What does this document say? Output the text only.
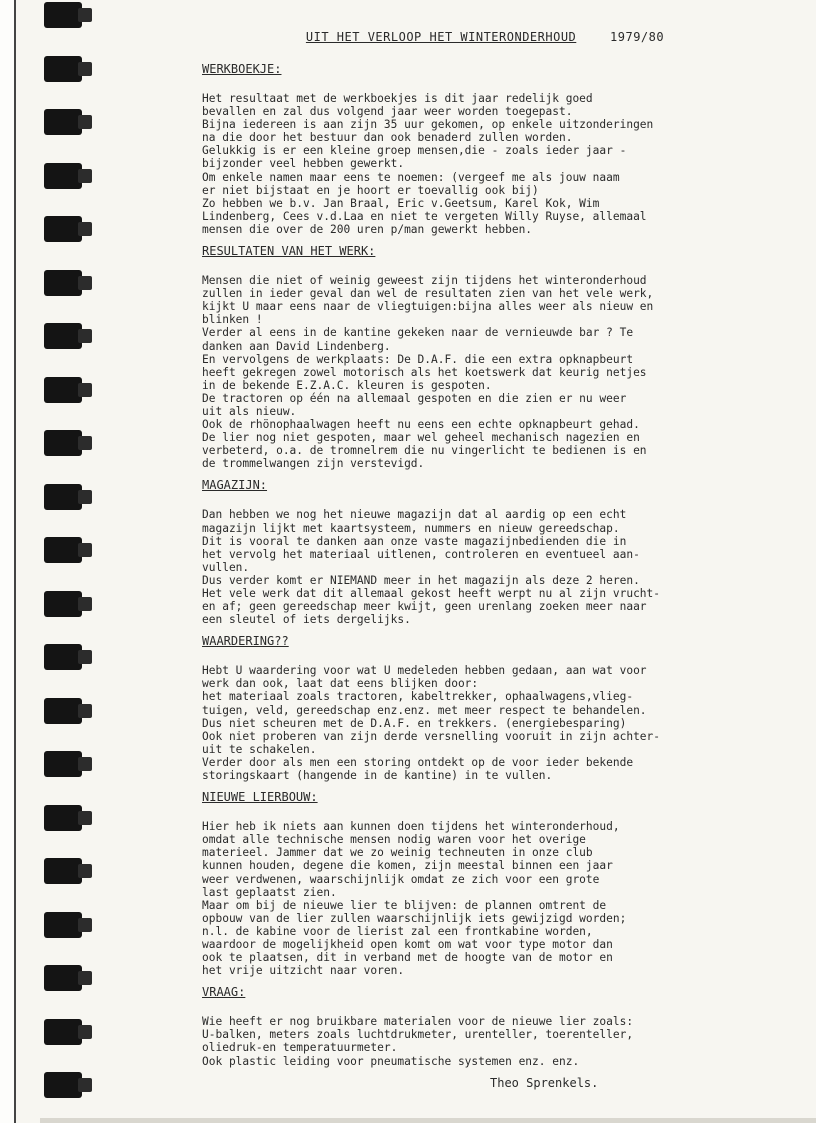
UIT HET VERLOOP HET WINTERONDERHOUD	1979/80
WERKBOEKJE:
Het resultaat met de werkboekjes is dit jaar redelijk goed
bevallen en zal dus volgend jaar weer worden toegepast.
Bijna iedereen is aan zijn 35 uur gekomen, op enkele uitzonderingen
na die door het bestuur dan ook benaderd zullen worden.
Gelukkig is er een kleine groep mensen,die - zoals ieder jaar -
bijzonder veel hebben gewerkt.
Om enkele namen maar eens te noemen: (vergeef me als jouw naam
er niet bijstaat en je hoort er toevallig ook bij)
Zo hebben we b.v. Jan Braal, Eric v.Geetsum, Karel Kok, Wim
Lindenberg, Cees v.d.Laa en niet te vergeten Willy Ruyse, allemaal
mensen die over de 200 uren p/man gewerkt hebben.
RESULTATEN VAN HET WERK:
Mensen die niet of weinig geweest zijn tijdens het winteronderhoud
zullen in ieder geval dan wel de resultaten zien van het vele werk,
kijkt U maar eens naar de vliegtuigen:bijna alles weer als nieuw en
blinken !
Verder al eens in de kantine gekeken naar de vernieuwde bar ? Te
danken aan David Lindenberg.
En vervolgens de werkplaats: De D.A.F. die een extra opknapbeurt
heeft gekregen zowel motorisch als het koetswerk dat keurig netjes
in de bekende E.Z.A.C. kleuren is gespoten.
De tractoren op één na allemaal gespoten en die zien er nu weer
uit als nieuw.
Ook de rhönophaalwagen heeft nu eens een echte opknapbeurt gehad.
De lier nog niet gespoten, maar wel geheel mechanisch nagezien en
verbeterd, o.a. de tromnelrem die nu vingerlicht te bedienen is en
de trommelwangen zijn verstevigd.
MAGAZIJN:
Dan hebben we nog het nieuwe magazijn dat al aardig op een echt
magazijn lijkt met kaartsysteem, nummers en nieuw gereedschap.
Dit is vooral te danken aan onze vaste magazijnbedienden die in
het vervolg het materiaal uitlenen, controleren en eventueel aan-
vullen.
Dus verder komt er NIEMAND meer in het magazijn als deze 2 heren.
Het vele werk dat dit allemaal gekost heeft werpt nu al zijn vrucht-
en af; geen gereedschap meer kwijt, geen urenlang zoeken meer naar
een sleutel of iets dergelijks.
WAARDERING??
Hebt U waardering voor wat U medeleden hebben gedaan, aan wat voor
werk dan ook, laat dat eens blijken door:
het materiaal zoals tractoren, kabeltrekker, ophaalwagens,vlieg-
tuigen, veld, gereedschap enz.enz. met meer respect te behandelen.
Dus niet scheuren met de D.A.F. en trekkers. (energiebesparing)
Ook niet proberen van zijn derde versnelling vooruit in zijn achter-
uit te schakelen.
Verder door als men een storing ontdekt op de voor ieder bekende
storingskaart (hangende in de kantine) in te vullen.
NIEUWE LIERBOUW:
Hier heb ik niets aan kunnen doen tijdens het winteronderhoud,
omdat alle technische mensen nodig waren voor het overige
materieel. Jammer dat we zo weinig techneuten in onze club
kunnen houden, degene die komen, zijn meestal binnen een jaar
weer verdwenen, waarschijnlijk omdat ze zich voor een grote
last geplaatst zien.
Maar om bij de nieuwe lier te blijven: de plannen omtrent de
opbouw van de lier zullen waarschijnlijk iets gewijzigd worden;
n.l. de kabine voor de lierist zal een frontkabine worden,
waardoor de mogelijkheid open komt om wat voor type motor dan
ook te plaatsen, dit in verband met de hoogte van de motor en
het vrije uitzicht naar voren.
VRAAG:
Wie heeft er nog bruikbare materialen voor de nieuwe lier zoals:
U-balken, meters zoals luchtdrukmeter, urenteller, toerenteller,
oliedruk-en temperatuurmeter.
Ook plastic leiding voor pneumatische systemen enz. enz.
Theo Sprenkels.
